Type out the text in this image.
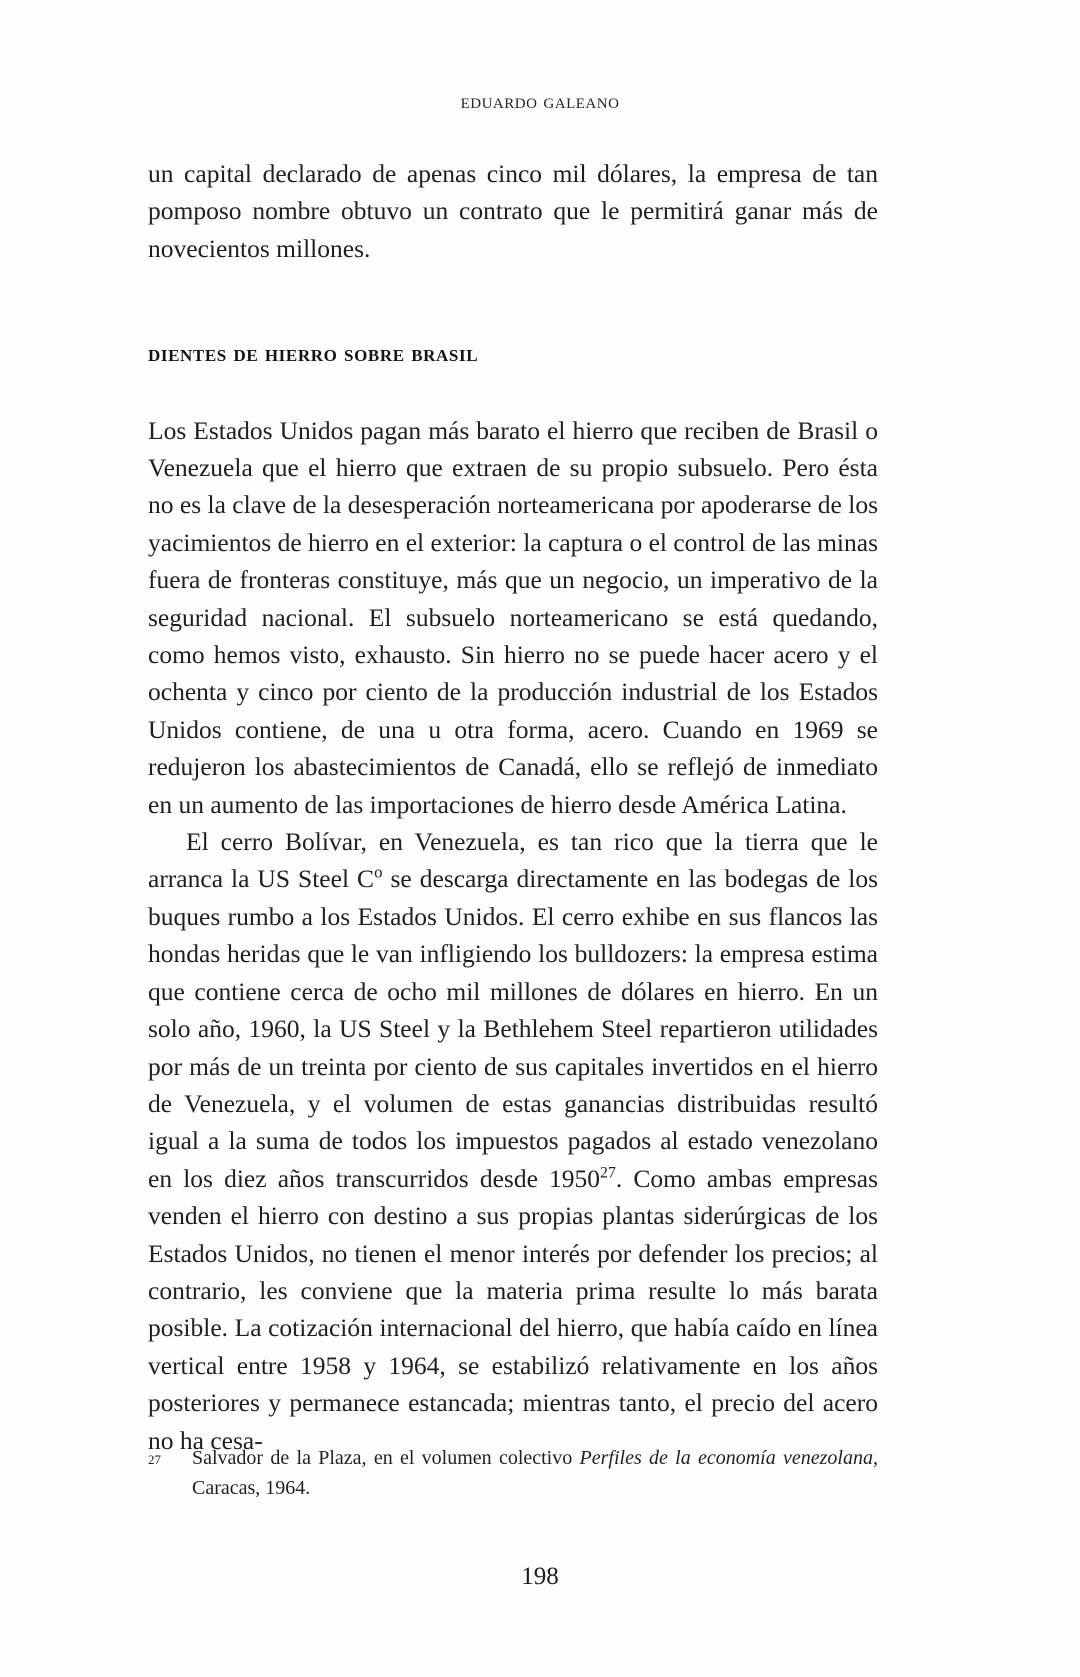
eduardo galeano

un capital declarado de apenas cinco mil dólares, la empresa de tan pomposo nombre obtuvo un contrato que le permitirá ganar más de novecientos millones.

dientes de hierro sobre brasil

Los Estados Unidos pagan más barato el hierro que reciben de Brasil o Venezuela que el hierro que extraen de su propio subsuelo. Pero ésta no es la clave de la desesperación norteamericana por apoderarse de los yacimientos de hierro en el exterior: la captura o el control de las minas fuera de fronteras constituye, más que un negocio, un imperativo de la seguridad nacional. El subsuelo norteamericano se está quedando, como hemos visto, exhausto. Sin hierro no se puede hacer acero y el ochenta y cinco por ciento de la producción industrial de los Estados Unidos contiene, de una u otra forma, acero. Cuando en 1969 se redujeron los abastecimientos de Canadá, ello se reflejó de inmediato en un aumento de las importaciones de hierro desde América Latina.

El cerro Bolívar, en Venezuela, es tan rico que la tierra que le arranca la US Steel $C^o$ se descarga directamente en las bodegas de los buques rumbo a los Estados Unidos. El cerro exhibe en sus flancos las hondas heridas que le van infligiendo los bulldozers: la empresa estima que contiene cerca de ocho mil millones de dólares en hierro. En un solo año, 1960, la US Steel y la Bethlehem Steel repartieron utilidades por más de un treinta por ciento de sus capitales invertidos en el hierro de Venezuela, y el volumen de estas ganancias distribuidas resultó igual a la suma de todos los impuestos pagados al estado venezolano en los diez años transcurridos desde 1950$^{27}$. Como ambas empresas venden el hierro con destino a sus propias plantas siderúrgicas de los Estados Unidos, no tienen el menor interés por defender los precios; al contrario, les conviene que la materia prima resulte lo más barata posible. La cotización internacional del hierro, que había caído en línea vertical entre 1958 y 1964, se estabilizó relativamente en los años posteriores y permanece estancada; mientras tanto, el precio del acero no ha cesa-

27 Salvador de la Plaza, en el volumen colectivo Perfiles de la economía venezolana, Caracas, 1964.
198
